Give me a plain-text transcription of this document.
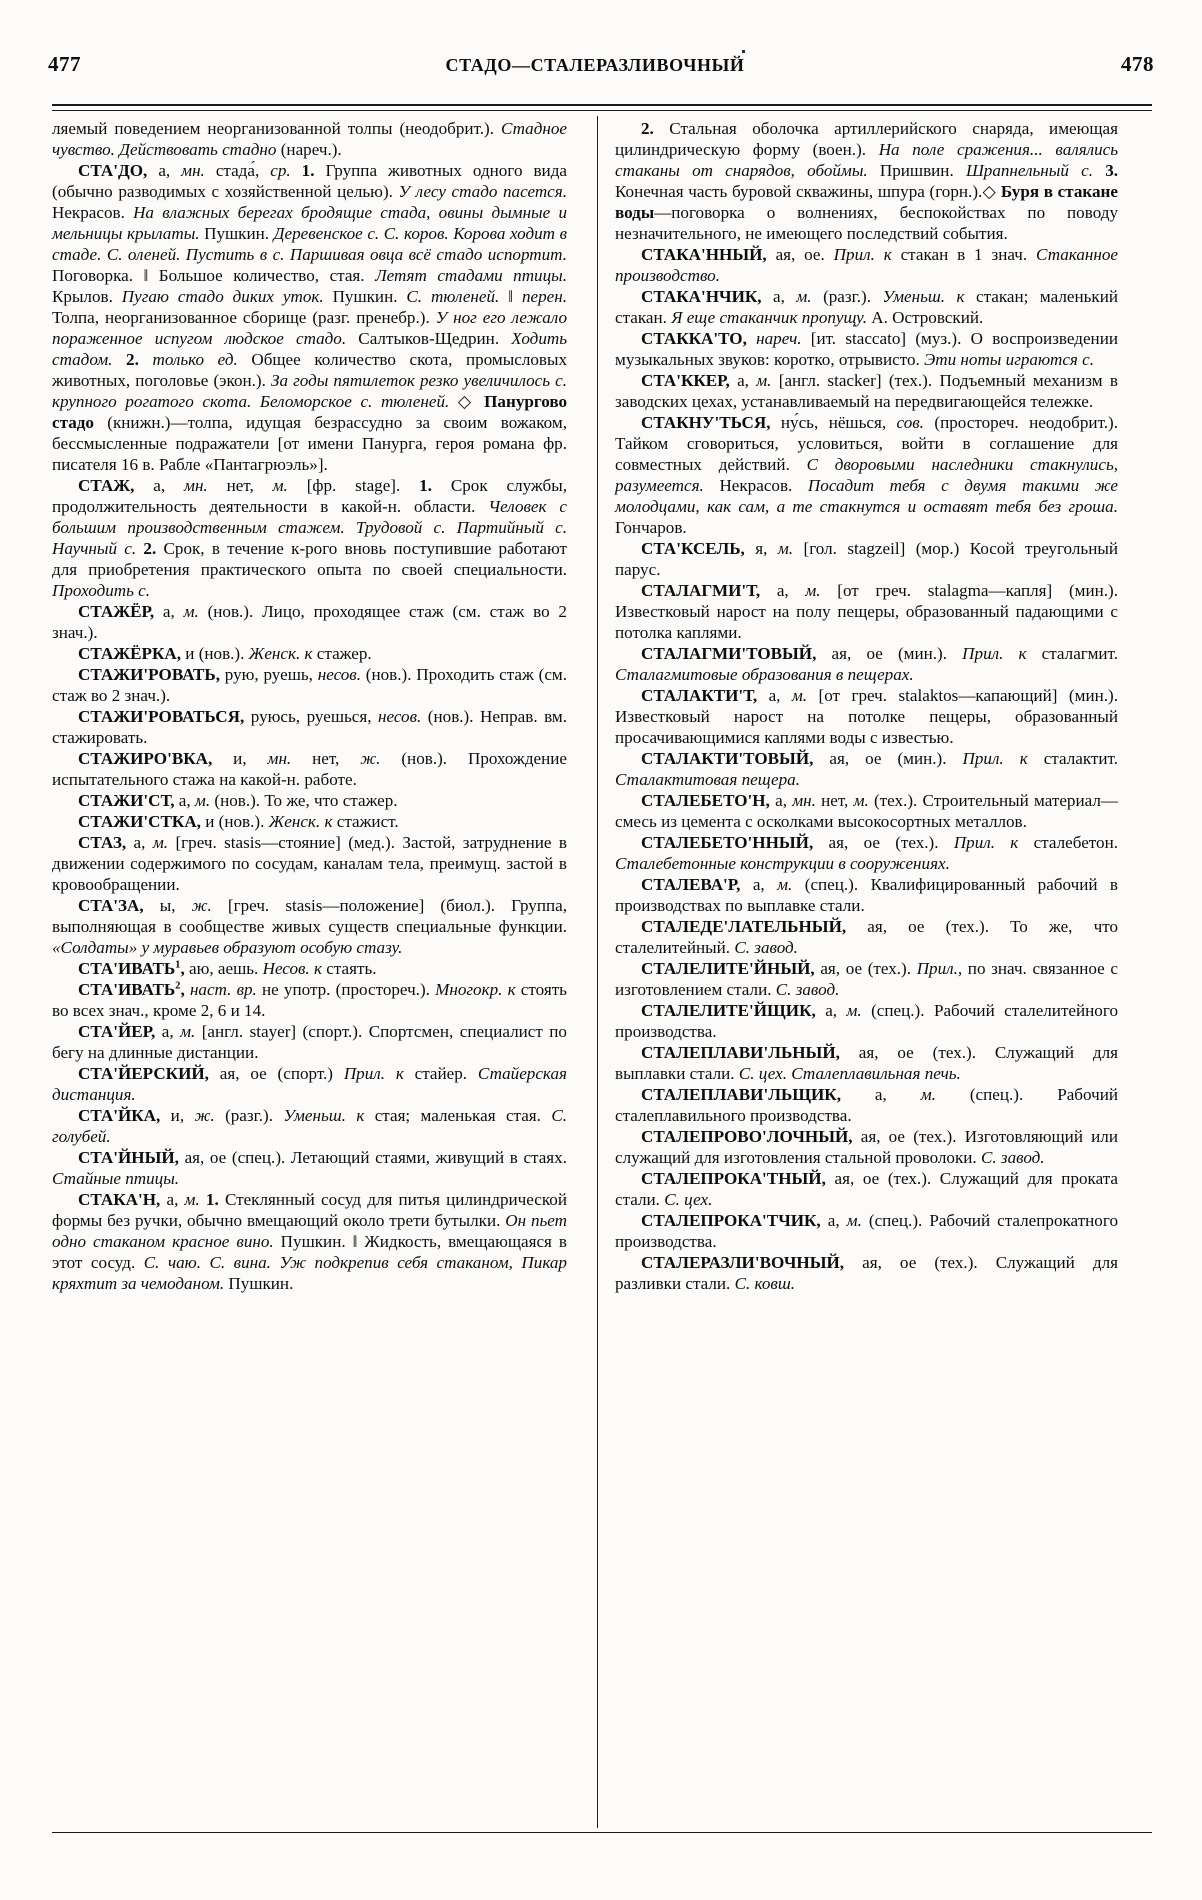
477	СТАДО—СТАЛЕРАЗЛИВОЧНЫЙ	478

ляемый поведением неорганизованной толпы (неодобрит.). Стадное чувство. Действовать стадно (нареч.).

СТА'ДО, а, мн. стада́, ср. 1. Группа животных одного вида (обычно разводимых с хозяйственной целью). У лесу стадо пасется. Некрасов. На влажных берегах бродящие стада, овины дымные и мельницы крылаты. Пушкин. Деревенское с. С. коров. Корова ходит в стаде. С. оленей. Пустить в с. Паршивая овца всё стадо испортит. Поговорка. ‖ Большое количество, стая. Летят стадами птицы. Крылов. Пугаю стадо диких уток. Пушкин. С. тюленей. ‖ перен. Толпа, неорганизованное сборище (разг. пренебр.). У ног его лежало пораженное испугом людское стадо. Салтыков-Щедрин. Ходить стадом. 2. только ед. Общее количество скота, промысловых животных, поголовье (экон.). За годы пятилеток резко увеличилось с. крупного рогатого скота. Беломорское с. тюленей. ◇ Панургово стадо (книжн.)—толпа, идущая безрассудно за своим вожаком, бессмысленные подражатели [от имени Панурга, героя романа фр. писателя 16 в. Рабле «Пантагрюэль»].

СТАЖ, а, мн. нет, м. [фр. stage]. 1. Срок службы, продолжительность деятельности в какой-н. области. Человек с большим производственным стажем. Трудовой с. Партийный с. Научный с. 2. Срок, в течение к-рого вновь поступившие работают для приобретения практического опыта по своей специальности. Проходить с.

СТАЖЁР, а, м. (нов.). Лицо, проходящее стаж (см. стаж во 2 знач.).

СТАЖЁРКА, и (нов.). Женск. к стажер.

СТАЖИ'РОВАТЬ, рую, руешь, несов. (нов.). Проходить стаж (см. стаж во 2 знач.).

СТАЖИ'РОВАТЬСЯ, руюсь, руешься, несов. (нов.). Неправ. вм. стажировать.

СТАЖИРО'ВКА, и, мн. нет, ж. (нов.). Прохождение испытательного стажа на какой-н. работе.

СТАЖИ'СТ, а, м. (нов.). То же, что стажер.

СТАЖИ'СТКА, и (нов.). Женск. к стажист.

СТАЗ, а, м. [греч. stasis—стояние] (мед.). Застой, затруднение в движении содержимого по сосудам, каналам тела, преимущ. застой в кровообращении.

СТА'ЗА, ы, ж. [греч. stasis—положение] (биол.). Группа, выполняющая в сообществе живых существ специальные функции. «Солдаты» у муравьев образуют особую стазу.

СТА'ИВАТЬ$^1$, аю, аешь. Несов. к стаять.

СТА'ИВАТЬ$^2$, наст. вр. не употр. (простореч.). Многокр. к стоять во всех знач., кроме 2, 6 и 14.

СТА'ЙЕР, а, м. [англ. stayer] (спорт.). Спортсмен, специалист по бегу на длинные дистанции.

СТА'ЙЕРСКИЙ, ая, ое (спорт.) Прил. к стайер. Стайерская дистанция.

СТА'ЙКА, и, ж. (разг.). Уменьш. к стая; маленькая стая. С. голубей.

СТА'ЙНЫЙ, ая, ое (спец.). Летающий стаями, живущий в стаях. Стайные птицы.

СТАКА'Н, а, м. 1. Стеклянный сосуд для питья цилиндрической формы без ручки, обычно вмещающий около трети бутылки. Он пьет одно стаканом красное вино. Пушкин. ‖ Жидкость, вмещающаяся в этот сосуд. С. чаю. С. вина. Уж подкрепив себя стаканом, Пикар кряхтит за чемоданом. Пушкин.

2. Стальная оболочка артиллерийского снаряда, имеющая цилиндрическую форму (воен.). На поле сражения... валялись стаканы от снарядов, обоймы. Пришвин. Шрапнельный с. 3. Конечная часть буровой скважины, шпура (горн.).◇ Буря в стакане воды—поговорка о волнениях, беспокойствах по поводу незначительного, не имеющего последствий события.

СТАКА'ННЫЙ, ая, ое. Прил. к стакан в 1 знач. Стаканное производство.

СТАКА'НЧИК, а, м. (разг.). Уменьш. к стакан; маленький стакан. Я еще стаканчик пропущу. А. Островский.

СТАККА'ТО, нареч. [ит. staccato] (муз.). О воспроизведении музыкальных звуков: коротко, отрывисто. Эти ноты играются с.

СТА'ККЕР, а, м. [англ. stacker] (тех.). Подъемный механизм в заводских цехах, устанавливаемый на передвигающейся тележке.

СТАКНУ'ТЬСЯ, ну́сь, нёшься, сов. (простореч. неодобрит.). Тайком сговориться, условиться, войти в соглашение для совместных действий. С дворовыми наследники стакнулись, разумеется. Некрасов. Посадит тебя с двумя такими же молодцами, как сам, а те стакнутся и оставят тебя без гроша. Гончаров.

СТА'КСЕЛЬ, я, м. [гол. stagzeil] (мор.) Косой треугольный парус.

СТАЛАГМИ'Т, а, м. [от греч. stalagma—капля] (мин.). Известковый нарост на полу пещеры, образованный падающими с потолка каплями.

СТАЛАГМИ'ТОВЫЙ, ая, ое (мин.). Прил. к сталагмит. Сталагмитовые образования в пещерах.

СТАЛАКТИ'Т, а, м. [от греч. stalaktos—капающий] (мин.). Известковый нарост на потолке пещеры, образованный просачивающимися каплями воды с известью.

СТАЛАКТИ'ТОВЫЙ, ая, ое (мин.). Прил. к сталактит. Сталактитовая пещера.

СТАЛЕБЕТО'Н, а, мн. нет, м. (тех.). Строительный материал—смесь из цемента с осколками высокосортных металлов.

СТАЛЕБЕТО'ННЫЙ, ая, ое (тех.). Прил. к сталебетон. Сталебетонные конструкции в сооружениях.

СТАЛЕВА'Р, а, м. (спец.). Квалифицированный рабочий в производствах по выплавке стали.

СТАЛЕДЕ'ЛАТЕЛЬНЫЙ, ая, ое (тех.). То же, что сталелитейный. С. завод.

СТАЛЕЛИТЕ'ЙНЫЙ, ая, ое (тех.). Прил., по знач. связанное с изготовлением стали. С. завод.

СТАЛЕЛИТЕ'ЙЩИК, а, м. (спец.). Рабочий сталелитейного производства.

СТАЛЕПЛАВИ'ЛЬНЫЙ, ая, ое (тех.). Служащий для выплавки стали. С. цех. Сталеплавильная печь.

СТАЛЕПЛАВИ'ЛЬЩИК, а, м. (спец.). Рабочий сталеплавильного производства.

СТАЛЕПРОВО'ЛОЧНЫЙ, ая, ое (тех.). Изготовляющий или служащий для изготовления стальной проволоки. С. завод.

СТАЛЕПРОКА'ТНЫЙ, ая, ое (тех.). Служащий для проката стали. С. цех.

СТАЛЕПРОКА'ТЧИК, а, м. (спец.). Рабочий сталепрокатного производства.

СТАЛЕРАЗЛИ'ВОЧНЫЙ, ая, ое (тех.). Служащий для разливки стали. С. ковш.
